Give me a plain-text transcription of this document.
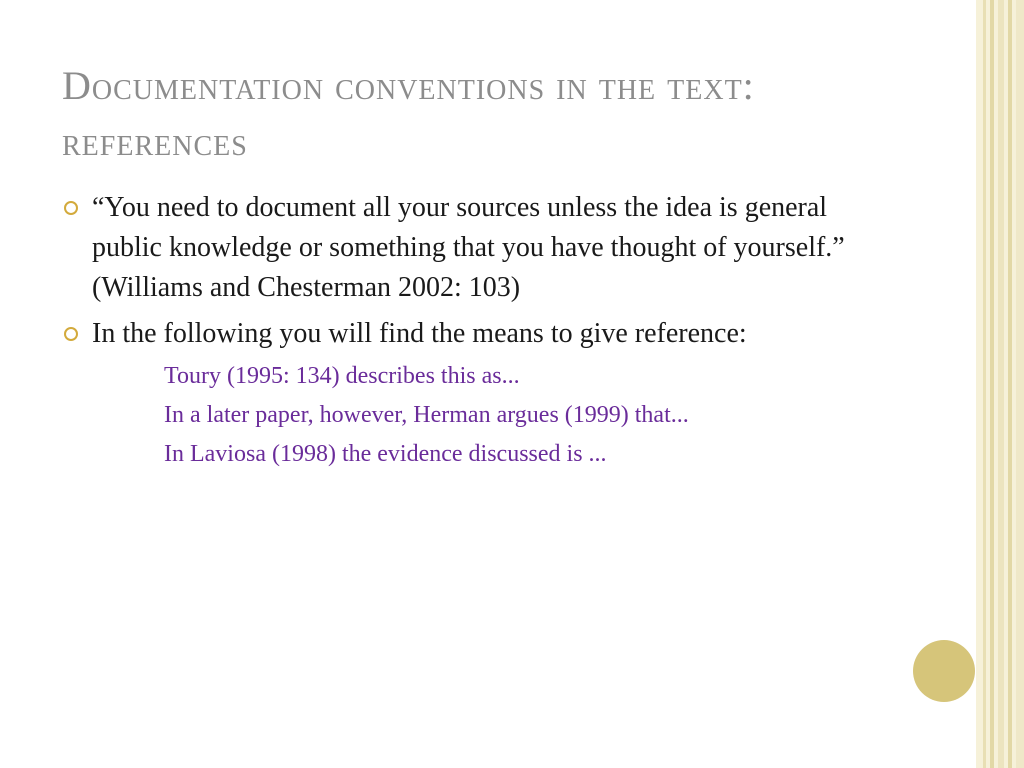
Documentation conventions in the text: references
“You need to document all your sources unless the idea is general public knowledge or something that you have thought of yourself.” (Williams and Chesterman 2002: 103)
In the following you will find the means to give reference:
Toury (1995: 134) describes this as...
In a later paper, however, Herman argues (1999) that...
In Laviosa (1998) the evidence discussed is ...
